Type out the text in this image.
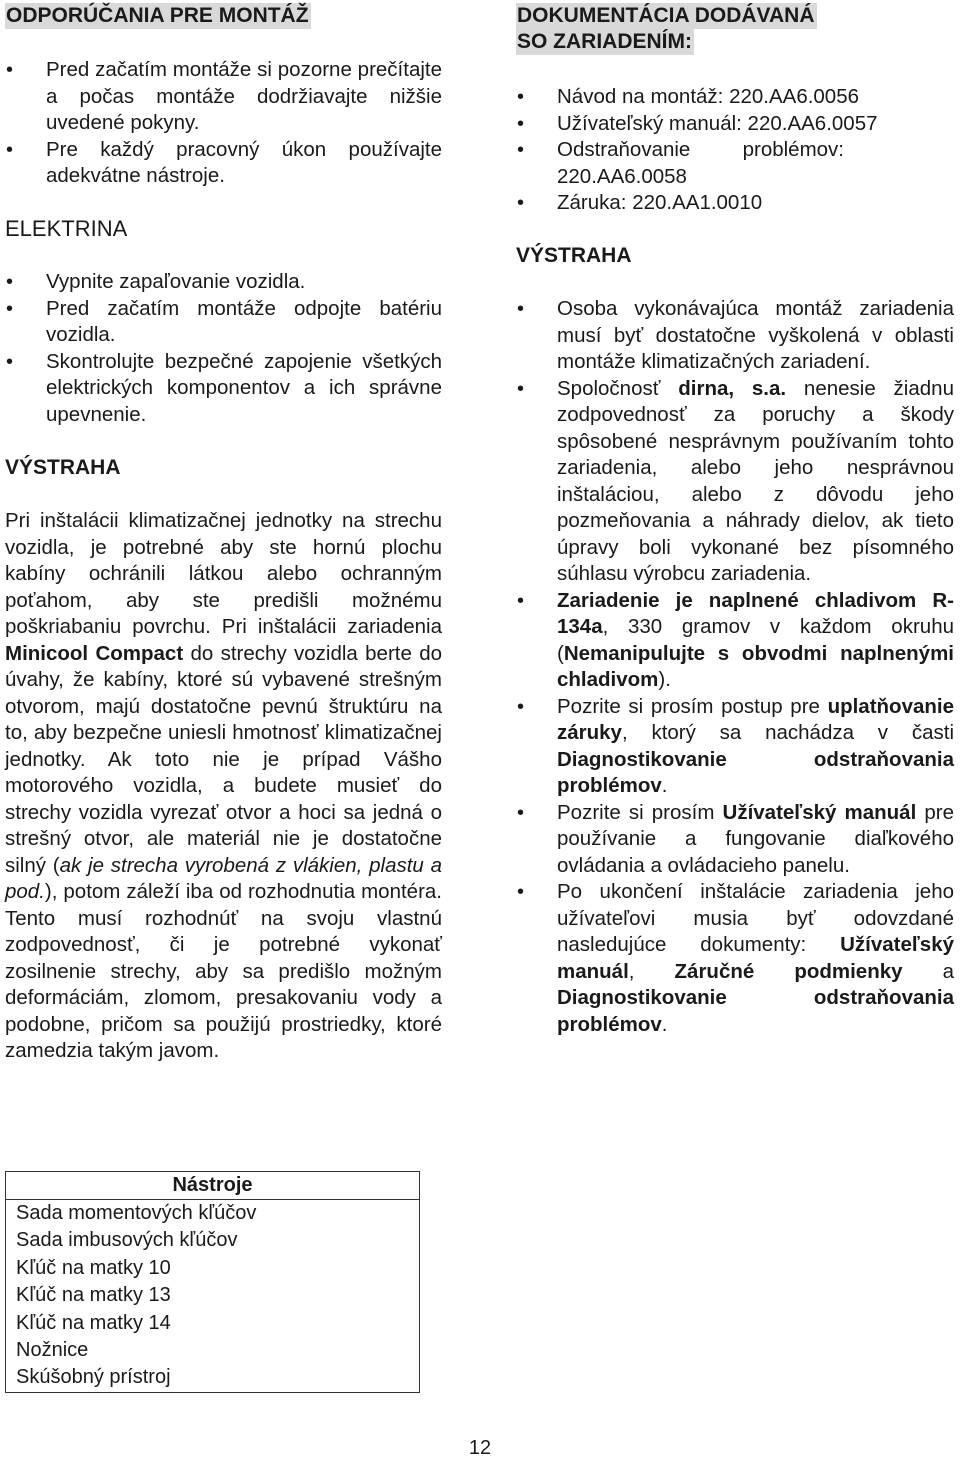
ODPORÚČANIA PRE MONTÁŽ
• Pred začatím montáže si pozorne prečítajte a počas montáže dodržiavajte nižšie uvedené pokyny.
• Pre každý pracovný úkon používajte adekvátne nástroje.
ELEKTRINA
• Vypnite zapaľovanie vozidla.
• Pred začatím montáže odpojte batériu vozidla.
• Skontrolujte bezpečné zapojenie všetkých elektrických komponentov a ich správne upevnenie.
VÝSTRAHA

Pri inštalácii klimatizačnej jednotky na strechu vozidla, je potrebné aby ste hornú plochu kabíny ochránili látkou alebo ochranným poťahom, aby ste predišli možnému poškriabaniu povrchu. Pri inštalácii zariadenia Minicool Compact do strechy vozidla berte do úvahy, že kabíny, ktoré sú vybavené strešným otvorom, majú dostatočne pevnú štruktúru na to, aby bezpečne uniesli hmotnosť klimatizačnej jednotky. Ak toto nie je prípad Vášho motorového vozidla, a budete musieť do strechy vozidla vyrezať otvor a hoci sa jedná o strešný otvor, ale materiál nie je dostatočne silný (ak je strecha vyrobená z vlákien, plastu a pod.), potom záleží iba od rozhodnutia montéra. Tento musí rozhodnúť na svoju vlastnú zodpovednosť, či je potrebné vykonať zosilnenie strechy, aby sa predišlo možným deformáciám, zlomom, presakovaniu vody a podobne, pričom sa použijú prostriedky, ktoré zamedzia takým javom.

DOKUMENTÁCIA DODÁVANÁ
SO ZARIADENÍM:
• Návod na montáž: 220.AA6.0056
• Užívateľský manuál: 220.AA6.0057
• Odstraňovanie problémov: 220.AA6.0058
• Záruka: 220.AA1.0010
VÝSTRAHA
• Osoba vykonávajúca montáž zariadenia musí byť dostatočne vyškolená v oblasti montáže klimatizačných zariadení.
• Spoločnosť dirna, s.a. nenesie žiadnu zodpovednosť za poruchy a škody spôsobené nesprávnym používaním tohto zariadenia, alebo jeho nesprávnou inštaláciou, alebo z dôvodu jeho pozmeňovania a náhrady dielov, ak tieto úpravy boli vykonané bez písomného súhlasu výrobcu zariadenia.
• Zariadenie je naplnené chladivom R-134a, 330 gramov v každom okruhu (Nemanipulujte s obvodmi naplnenými chladivom).
• Pozrite si prosím postup pre uplatňovanie záruky, ktorý sa nachádza v časti Diagnostikovanie odstraňovania problémov.
• Pozrite si prosím Užívateľský manuál pre používanie a fungovanie diaľkového ovládania a ovládacieho panelu.
• Po ukončení inštalácie zariadenia jeho užívateľovi musia byť odovzdané nasledujúce dokumenty: Užívateľský manuál, Záručné podmienky a Diagnostikovanie odstraňovania problémov.
Nástroje
Sada momentových kľúčov
Sada imbusových kľúčov
Kľúč na matky 10
Kľúč na matky 13
Kľúč na matky 14
Nožnice
Skúšobný prístroj
12
